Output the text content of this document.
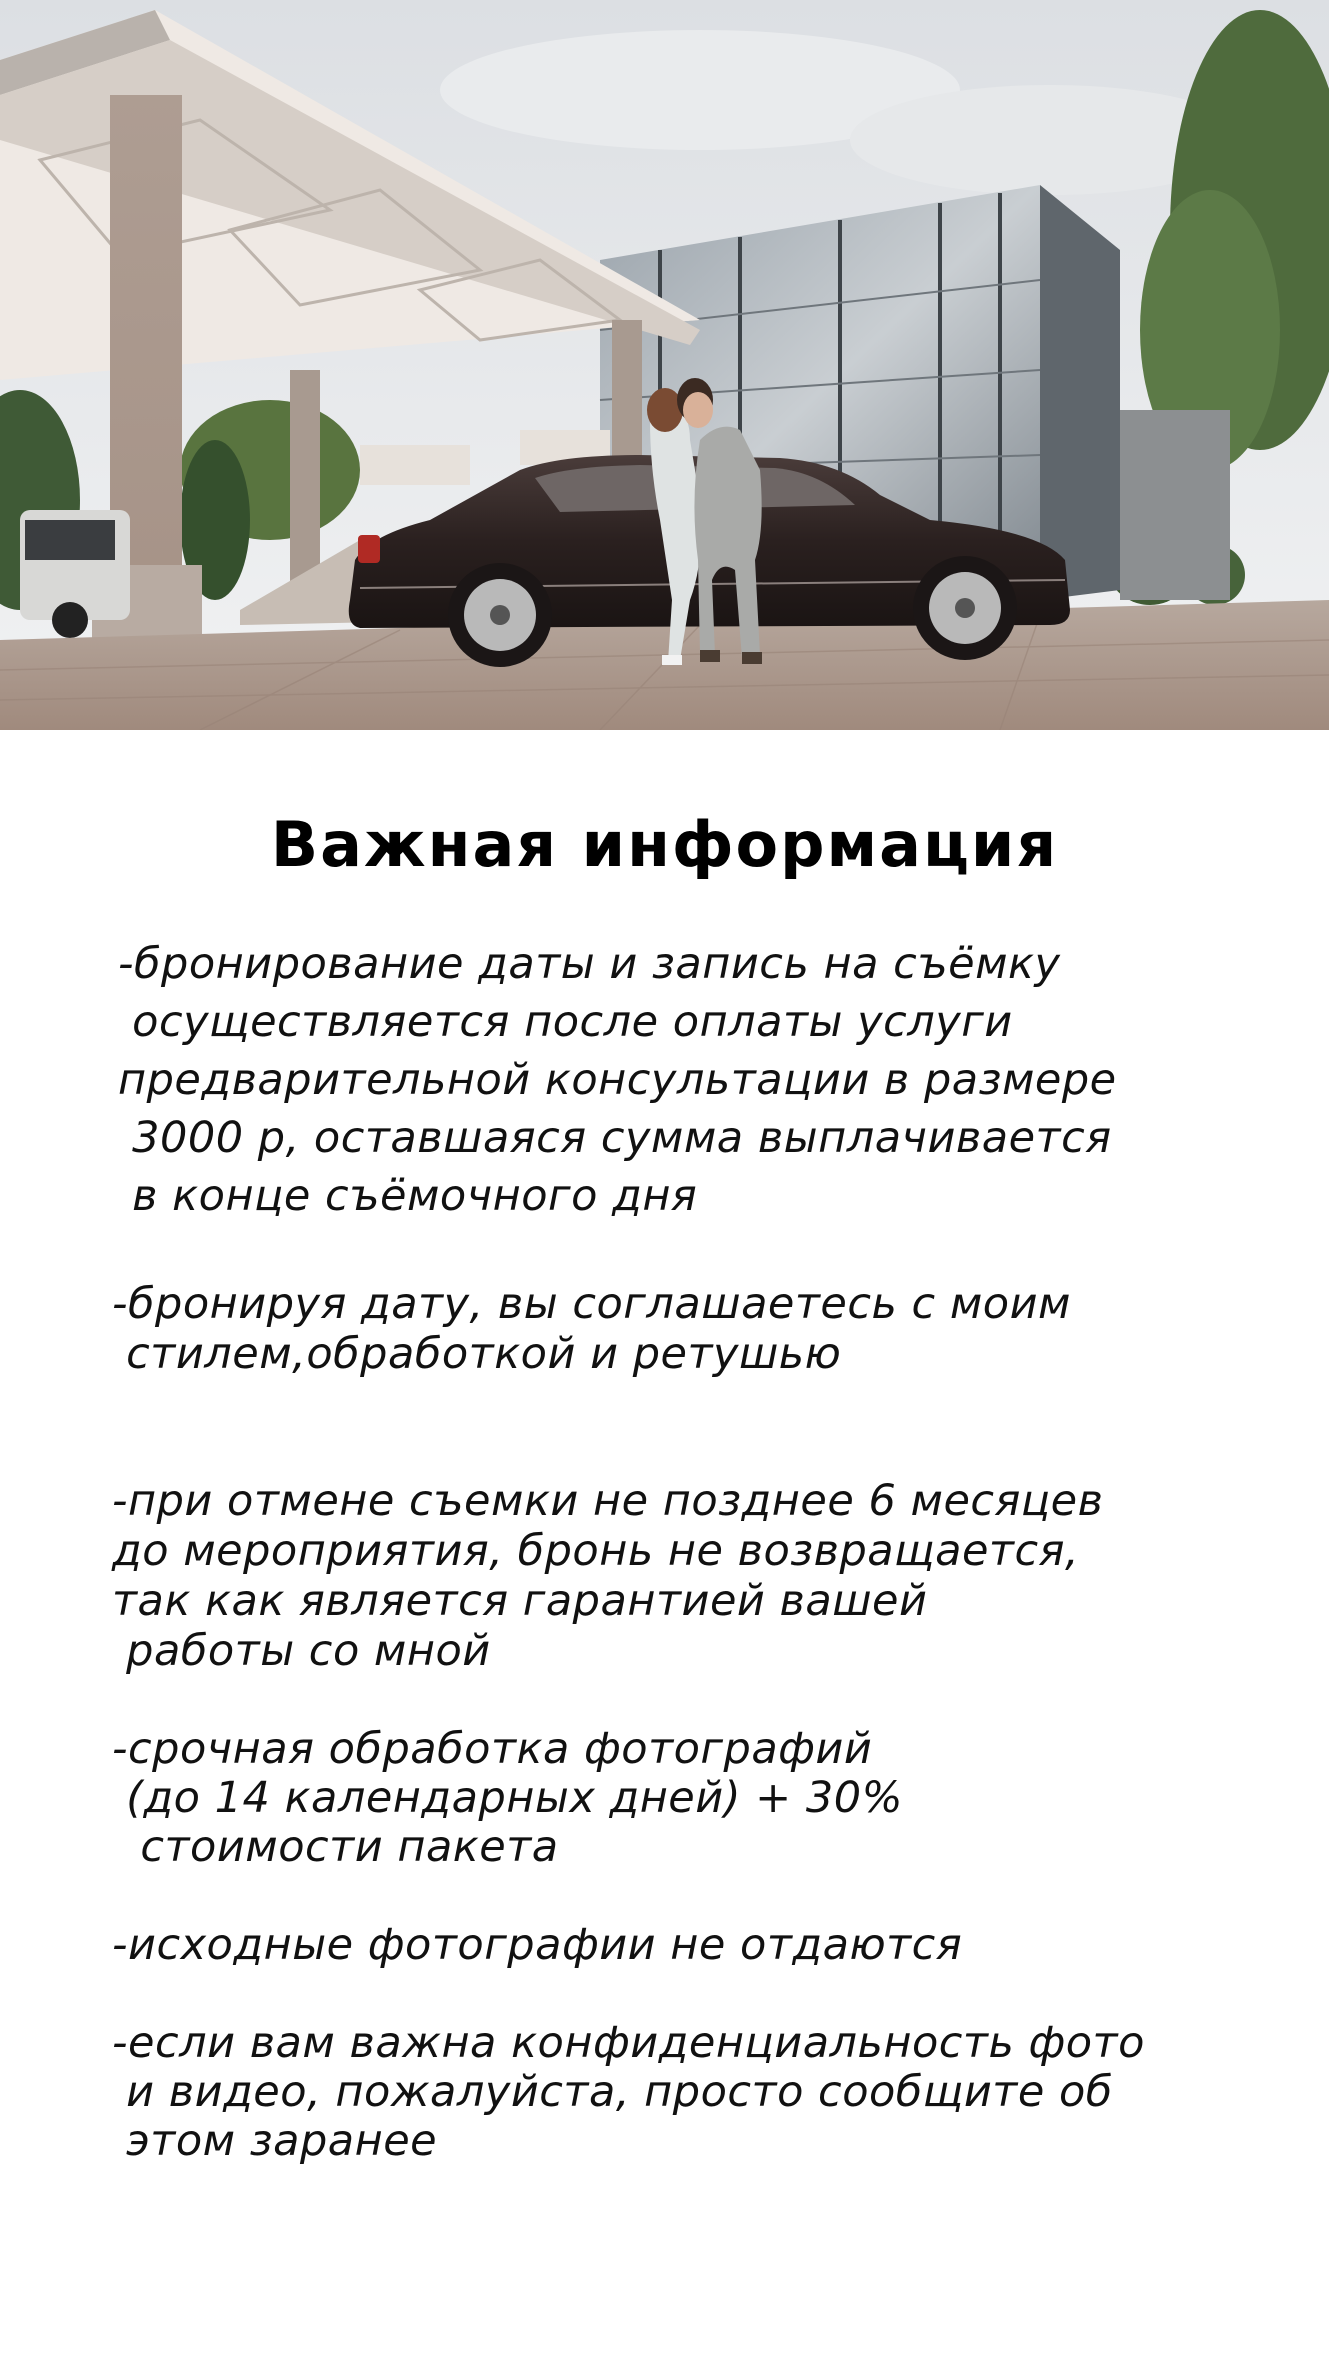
Важная информация
-бронирование даты и запись на съёмку
осуществляется после оплаты услуги
предварительной консультации в размере
3000 р, оставшаяся сумма выплачивается
в конце съёмочного дня
-бронируя дату, вы соглашаетесь с моим
стилем,обработкой и ретушью
-при отмене съемки не позднее 6 месяцев
до мероприятия, бронь не возвращается,
так как является гарантией вашей
работы со мной
-срочная обработка фотографий
(до 14 календарных дней) + 30%
стоимости пакета
-исходные фотографии не отдаются
-если вам важна конфиденциальность фото
и видео, пожалуйста, просто сообщите об
этом заранее
